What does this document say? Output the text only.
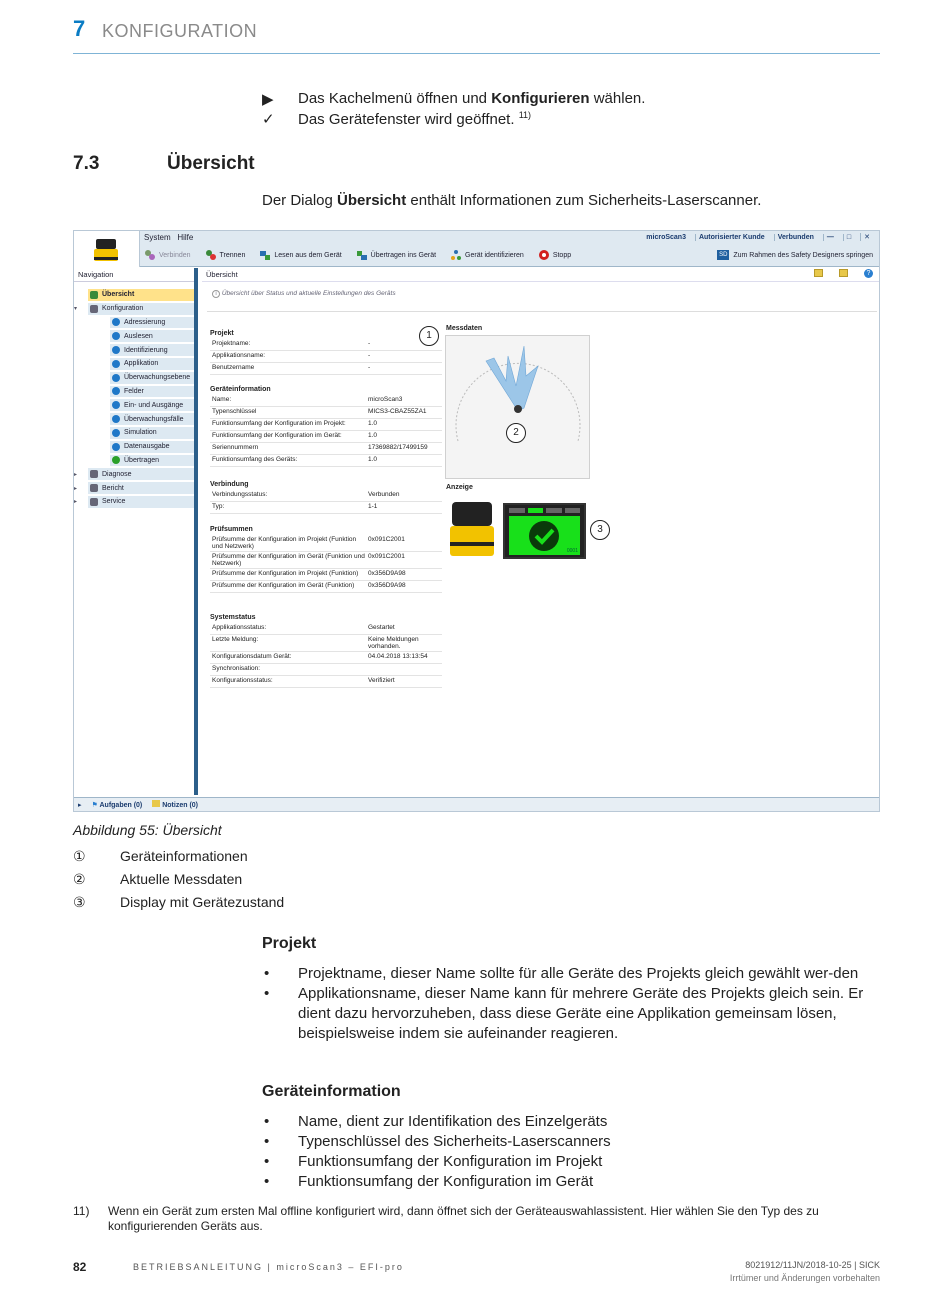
7 KONFIGURATION
▶ Das Kachelmenü öffnen und Konfigurieren wählen.
✓ Das Gerätefenster wird geöffnet. $^{11)}$
7.3	Übersicht
Der Dialog Übersicht enthält Informationen zum Sicherheits-Laserscanner.
System Hilfe	microScan3	Autorisierter Kunde	Verbunden	—	□	✕
Verbinden	Trennen	Lesen aus dem Gerät	Übertragen ins Gerät	Gerät identifizieren	Stopp	SD Zum Rahmen des Safety Designers springen
Navigation
Übersicht
▾	Konfiguration
Adressierung
Auslesen
Identifizierung
Applikation
Überwachungsebene
Felder
Ein- und Ausgänge
Überwachungsfälle
Simulation
Datenausgabe
Übertragen
▸	Diagnose
▸	Bericht
▸	Service
Übersicht	?
i Übersicht über Status und aktuelle Einstellungen des Geräts
Projekt
Projektname:	-
Applikationsname:	-
Benutzername	-
Geräteinformation
Name:	microScan3
Typenschlüssel	MICS3-CBAZ55ZA1
Funktionsumfang der Konfiguration im Projekt:	1.0
Funktionsumfang der Konfiguration im Gerät:	1.0
Seriennummern	17369882/17499159
Funktionsumfang des Geräts:	1.0
Verbindung
Verbindungsstatus:	Verbunden
Typ:	1-1
Prüfsummen
Prüfsumme der Konfiguration im Projekt (Funktion und Netzwerk)
0x091C2001
Prüfsumme der Konfiguration im Gerät (Funktion und Netzwerk)
0x091C2001
Prüfsumme der Konfiguration im Projekt (Funktion)	0x356D9A98
Prüfsumme der Konfiguration im Gerät (Funktion)	0x356D9A98
Systemstatus
Applikationsstatus:	Gestartet
Letzte Meldung:	Keine Meldungen vorhanden.
Konfigurationsdatum Gerät:	04.04.2018 13:13:54
Synchronisation:
Konfigurationsstatus:	Verifiziert
Messdaten
Anzeige
0001
1
2
3
▸ ⚑ Aufgaben (0)	Notizen (0)
Abbildung 55: Übersicht
① Geräteinformationen
② Aktuelle Messdaten
③ Display mit Gerätezustand
Projekt
• Projektname, dieser Name sollte für alle Geräte des Projekts gleich gewählt wer-den
• Applikationsname, dieser Name kann für mehrere Geräte des Projekts gleich sein. Er dient dazu hervorzuheben, dass diese Geräte eine Applikation gemeinsam lösen, beispielsweise indem sie aufeinander reagieren.
Geräteinformation
• Name, dient zur Identifikation des Einzelgeräts
• Typenschlüssel des Sicherheits-Laserscanners
• Funktionsumfang der Konfiguration im Projekt
• Funktionsumfang der Konfiguration im Gerät
11) Wenn ein Gerät zum ersten Mal offline konfiguriert wird, dann öffnet sich der Geräteauswahlassistent. Hier wählen Sie den Typ des zu konfigurierenden Geräts aus.
82	BETRIEBSANLEITUNG | microScan3 – EFI-pro	8021912/11JN/2018-10-25 | SICK
Irrtümer und Änderungen vorbehalten
